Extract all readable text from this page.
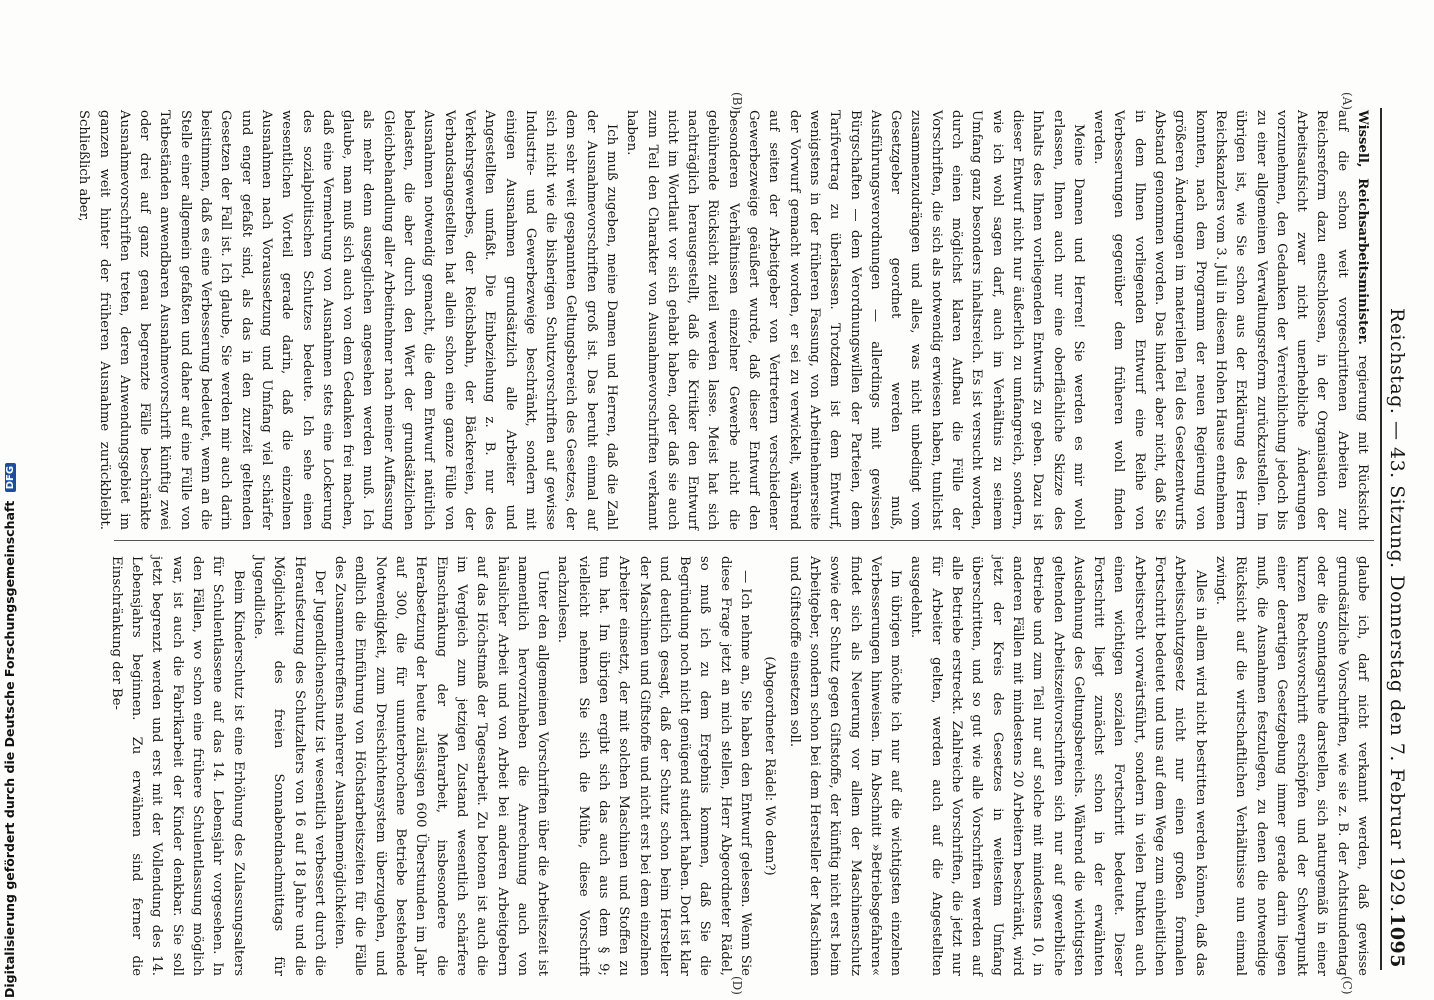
Reichstag. — 43. Sitzung. Donnerstag den 7. Februar 1929.
1095
(A)
(B)
(C)
(D)

Wissell, Reichsarbeitsminister. regierung mit Rücksicht auf die schon weit vorgeschrittenen Arbeiten zur Reichsreform dazu entschlossen, in der Organisation der Arbeitsaufsicht zwar nicht unerhebliche Änderungen vorzunehmen, den Gedanken der Verreichlichung jedoch bis zu einer allgemeinen Verwaltungsreform zurückzustellen. Im übrigen ist, wie Sie schon aus der Erklärung des Herrn Reichskanzlers vom 3. Juli in diesem Hohen Hause entnehmen konnten, nach dem Programm der neuen Regierung von größeren Änderungen im materiellen Teil des Gesetzentwurfs Abstand genommen worden. Das hindert aber nicht, daß Sie in dem Ihnen vorliegenden Entwurf eine Reihe von Verbesserungen gegenüber dem früheren wohl finden werden.

Meine Damen und Herren! Sie werden es mir wohl erlassen, Ihnen auch nur eine oberflächliche Skizze des Inhalts des Ihnen vorliegenden Entwurfs zu geben. Dazu ist dieser Entwurf nicht nur äußerlich zu umfangreich, sondern, wie ich wohl sagen darf, auch im Verhältnis zu seinem Umfang ganz besonders inhaltsreich. Es ist versucht worden, durch einen möglichst klaren Aufbau die Fülle der Vorschriften, die sich als notwendig erwiesen haben, tunlichst zusammenzudrängen und alles, was nicht unbedingt vom Gesetzgeber geordnet werden muß, Ausführungsverordnungen — allerdings mit gewissen Bürgschaften — dem Verordnungswillen der Parteien, dem Tarifvertrag zu überlassen. Trotzdem ist dem Entwurf, wenigstens in der früheren Fassung, von Arbeitnehmerseite der Vorwurf gemacht worden, er sei zu verwickelt, während auf seiten der Arbeitgeber von Vertretern verschiedener Gewerbezweige geäußert wurde, daß dieser Entwurf den besonderen Verhältnissen einzelner Gewerbe nicht die gebührende Rücksicht zuteil werden lasse. Meist hat sich nachträglich herausgestellt, daß die Kritiker den Entwurf nicht im Wortlaut vor sich gehabt haben, oder daß sie auch zum Teil den Charakter von Ausnahmevorschriften verkannt haben.

Ich muß zugeben, meine Damen und Herren, daß die Zahl der Ausnahmevorschriften groß ist. Das beruht einmal auf dem sehr weit gespannten Geltungsbereich des Gesetzes, der sich nicht wie die bisherigen Schutzvorschriften auf gewisse Industrie- und Gewerbezweige beschränkt, sondern mit einigen Ausnahmen grundsätzlich alle Arbeiter und Angestellten umfaßt. Die Einbeziehung z. B. nur des Verkehrsgewerbes, der Reichsbahn, der Bäckereien, der Verbandsangestellten hat allein schon eine ganze Fülle von Ausnahmen notwendig gemacht, die dem Entwurf natürlich belasten, die aber durch den Wert der grundsätzlichen Gleichbehandlung aller Arbeitnehmer nach meiner Auffassung als mehr denn ausgeglichen angesehen werden muß. Ich glaube, man muß sich auch von dem Gedanken frei machen, daß eine Vermehrung von Ausnahmen stets eine Lockerung des sozialpolitischen Schutzes bedeute. Ich sehe einen wesentlichen Vorteil gerade darin, daß die einzelnen Ausnahmen nach Voraussetzung und Umfang viel schärfer und enger gefaßt sind, als das in den zurzeit geltenden Gesetzen der Fall ist. Ich glaube, Sie werden mir auch darin beistimmen, daß es eine Verbesserung bedeutet, wenn an die Stelle einer allgemein gefaßten und daher auf eine Fülle von Tatbeständen anwendbaren Ausnahmevorschrift künftig zwei oder drei auf ganz genau begrenzte Fälle beschränkte Ausnahmevorschriften treten, deren Anwendungsgebiet im ganzen weit hinter der früheren Ausnahme zurückbleibt. Schließlich aber,

glaube ich, darf nicht verkannt werden, daß gewisse grundsätzliche Vorschriften, wie sie z. B. der Achtstundentag oder die Sonntagsruhe darstellen, sich naturgemäß in einer kurzen Rechtsvorschrift erschöpfen und der Schwerpunkt einer derartigen Gesetzgebung immer gerade darin liegen muß, die Ausnahmen festzulegen, zu denen die notwendige Rücksicht auf die wirtschaftlichen Verhältnisse nun einmal zwingt.

Alles in allem wird nicht bestritten werden können, daß das Arbeitsschutzgesetz nicht nur einen großen formalen Fortschritt bedeutet und uns auf dem Wege zum einheitlichen Arbeitsrecht vorwärtsführt, sondern in vielen Punkten auch einen wichtigen sozialen Fortschritt bedeutet. Dieser Fortschritt liegt zunächst schon in der erwähnten Ausdehnung des Geltungsbereichs. Während die wichtigsten geltenden Arbeitszeitvorschriften sich nur auf gewerbliche Betriebe und zum Teil nur auf solche mit mindestens 10, in anderen Fällen mit mindestens 20 Arbeitern beschränkt, wird jetzt der Kreis des Gesetzes in weitestem Umfang überschritten, und so gut wie alle Vorschriften werden auf alle Betriebe erstreckt. Zahlreiche Vorschriften, die jetzt nur für Arbeiter gelten, werden auch auf die Angestellten ausgedehnt.

Im übrigen möchte ich nur auf die wichtigsten einzelnen Verbesserungen hinweisen. Im Abschnitt »Betriebsgefahren« findet sich als Neuerung vor allem der Maschinenschutz sowie der Schutz gegen Giftstoffe, der künftig nicht erst beim Arbeitgeber, sondern schon bei dem Hersteller der Maschinen und Giftstoffe einsetzen soll.

(Abgeordneter Rädel: Wo denn?)

— Ich nehme an, Sie haben den Entwurf gelesen. Wenn Sie diese Frage jetzt an mich stellen, Herr Abgeordneter Rädel, so muß ich zu dem Ergebnis kommen, daß Sie die Begründung noch nicht genügend studiert haben. Dort ist klar und deutlich gesagt, daß der Schutz schon beim Hersteller der Maschinen und Giftstoffe und nicht erst bei dem einzelnen Arbeiter einsetzt, der mit solchen Maschinen und Stoffen zu tun hat. Im übrigen ergibt sich das auch aus dem § 9; vielleicht nehmen Sie sich die Mühe, diese Vorschrift nachzulesen.

Unter den allgemeinen Vorschriften über die Arbeitszeit ist namentlich hervorzuheben die Anrechnung auch von häuslicher Arbeit und von Arbeit bei anderen Arbeitgebern auf das Höchstmaß der Tagesarbeit. Zu betonen ist auch die im Vergleich zum jetzigen Zustand wesentlich schärfere Einschränkung der Mehrarbeit, insbesondere die Herabsetzung der heute zulässigen 600 Überstunden im Jahr auf 300, die für ununterbrochene Betriebe bestehende Notwendigkeit, zum Dreischichtensystem überzugehen, und endlich die Einführung von Höchstarbeitszeiten für die Fälle des Zusammentreffens mehrerer Ausnahmemöglichkeiten.

Der Jugendlichenschutz ist wesentlich verbessert durch die Heraufsetzung des Schutzalters von 16 auf 18 Jahre und die Möglichkeit des freien Sonnabendnachmittags für Jugendliche.

Beim Kinderschutz ist eine Erhöhung des Zulassungsalters für Schulentlassene auf das 14. Lebensjahr vorgesehen. In den Fällen, wo schon eine frühere Schulentlassung möglich war, ist auch die Fabrikarbeit der Kinder denkbar. Sie soll jetzt begrenzt werden und erst mit der Vollendung des 14. Lebensjahrs beginnen. Zu erwähnen sind ferner die Einschränkung der Be-

Digitalisierung gefördert durch die Deutsche Forschungsgemeinschaft DFG
